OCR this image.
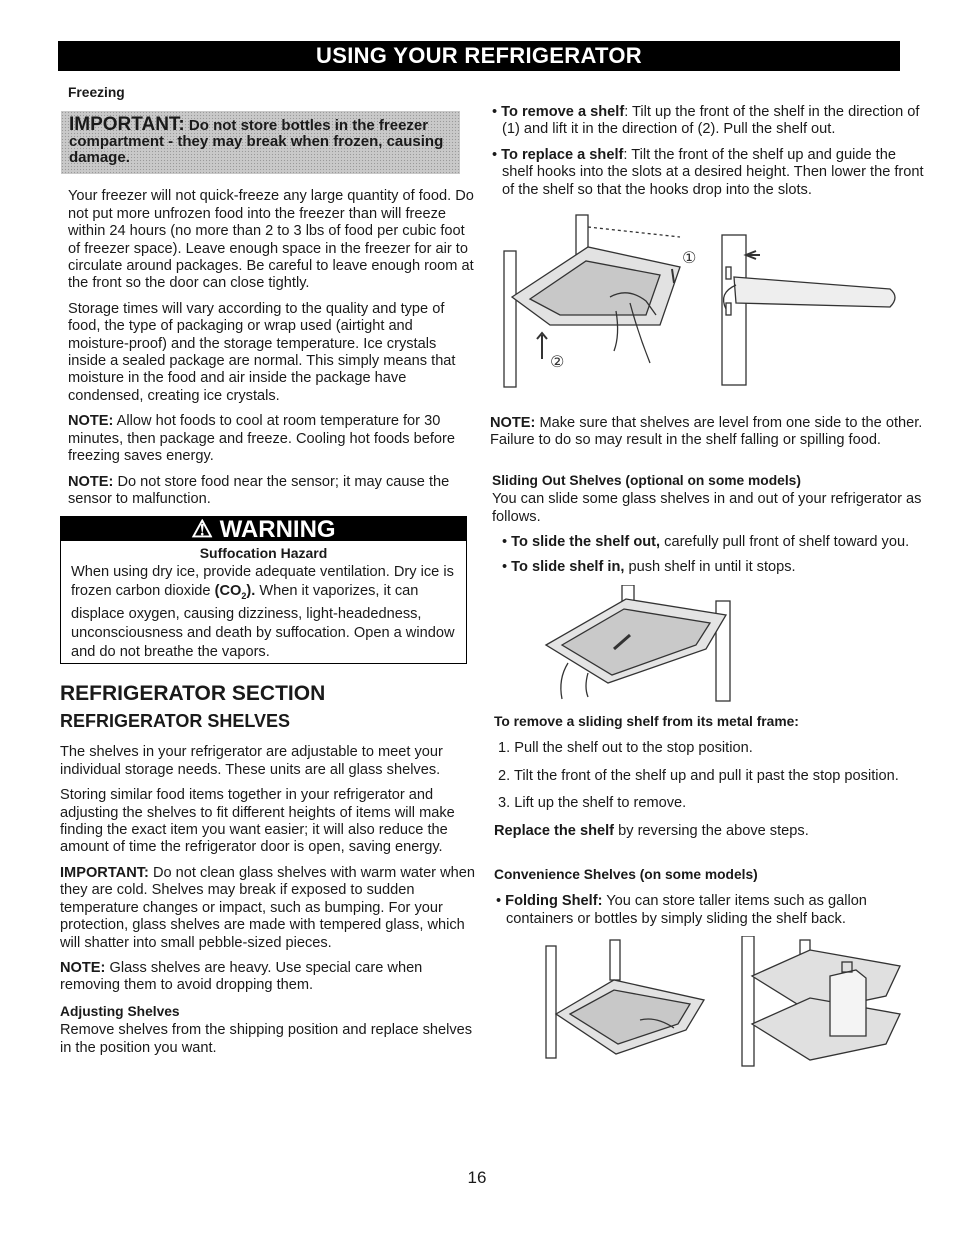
USING YOUR REFRIGERATOR
Freezing
IMPORTANT: Do not store bottles in the freezer compartment - they may break when frozen, causing damage.

Your freezer will not quick-freeze any large quantity of food. Do not put more unfrozen food into the freezer than will freeze within 24 hours (no more than 2 to 3 lbs of food per cubic foot of freezer space). Leave enough space in the freezer for air to circulate around packages. Be careful to leave enough room at the front so the door can close tightly.

Storage times will vary according to the quality and type of food, the type of packaging or wrap used (airtight and moisture-proof) and the storage temperature. Ice crystals inside a sealed package are normal. This simply means that moisture in the food and air inside the package have condensed, creating ice crystals.

NOTE: Allow hot foods to cool at room temperature for 30 minutes, then package and freeze. Cooling hot foods before freezing saves energy.

NOTE: Do not store food near the sensor; it may cause the sensor to malfunction.

⚠ WARNING
Suffocation Hazard
When using dry ice, provide adequate ventilation. Dry ice is frozen carbon dioxide $(CO_2)$. When it vaporizes, it can displace oxygen, causing dizziness, light-headedness, unconsciousness and death by suffocation. Open a window and do not breathe the vapors.
REFRIGERATOR SECTION
REFRIGERATOR SHELVES

The shelves in your refrigerator are adjustable to meet your individual storage needs. These units are all glass shelves.

Storing similar food items together in your refrigerator and adjusting the shelves to fit different heights of items will make finding the exact item you want easier; it will also reduce the amount of time the refrigerator door is open, saving energy.

IMPORTANT: Do not clean glass shelves with warm water when they are cold. Shelves may break if exposed to sudden temperature changes or impact, such as bumping. For your protection, glass shelves are made with tempered glass, which will shatter into small pebble-sized pieces.

NOTE: Glass shelves are heavy. Use special care when removing them to avoid dropping them.

Adjusting Shelves

Remove shelves from the shipping position and replace shelves in the position you want.

• To remove a shelf: Tilt up the front of the shelf in the direction of (1) and lift it in the direction of (2). Pull the shelf out.

• To replace a shelf: Tilt the front of the shelf up and guide the shelf hooks into the slots at a desired height. Then lower the front of the shelf so that the hooks drop into the slots.

①
②

NOTE: Make sure that shelves are level from one side to the other. Failure to do so may result in the shelf falling or spilling food.

Sliding Out Shelves (optional on some models)

You can slide some glass shelves in and out of your refrigerator as follows.

• To slide the shelf out, carefully pull front of shelf toward you.

• To slide shelf in, push shelf in until it stops.

To remove a sliding shelf from its metal frame:
1. Pull the shelf out to the stop position.
2. Tilt the front of the shelf up and pull it past the stop position.
3. Lift up the shelf to remove.

Replace the shelf by reversing the above steps.

Convenience Shelves (on some models)

• Folding Shelf: You can store taller items such as gallon containers or bottles by simply sliding the shelf back.

16
